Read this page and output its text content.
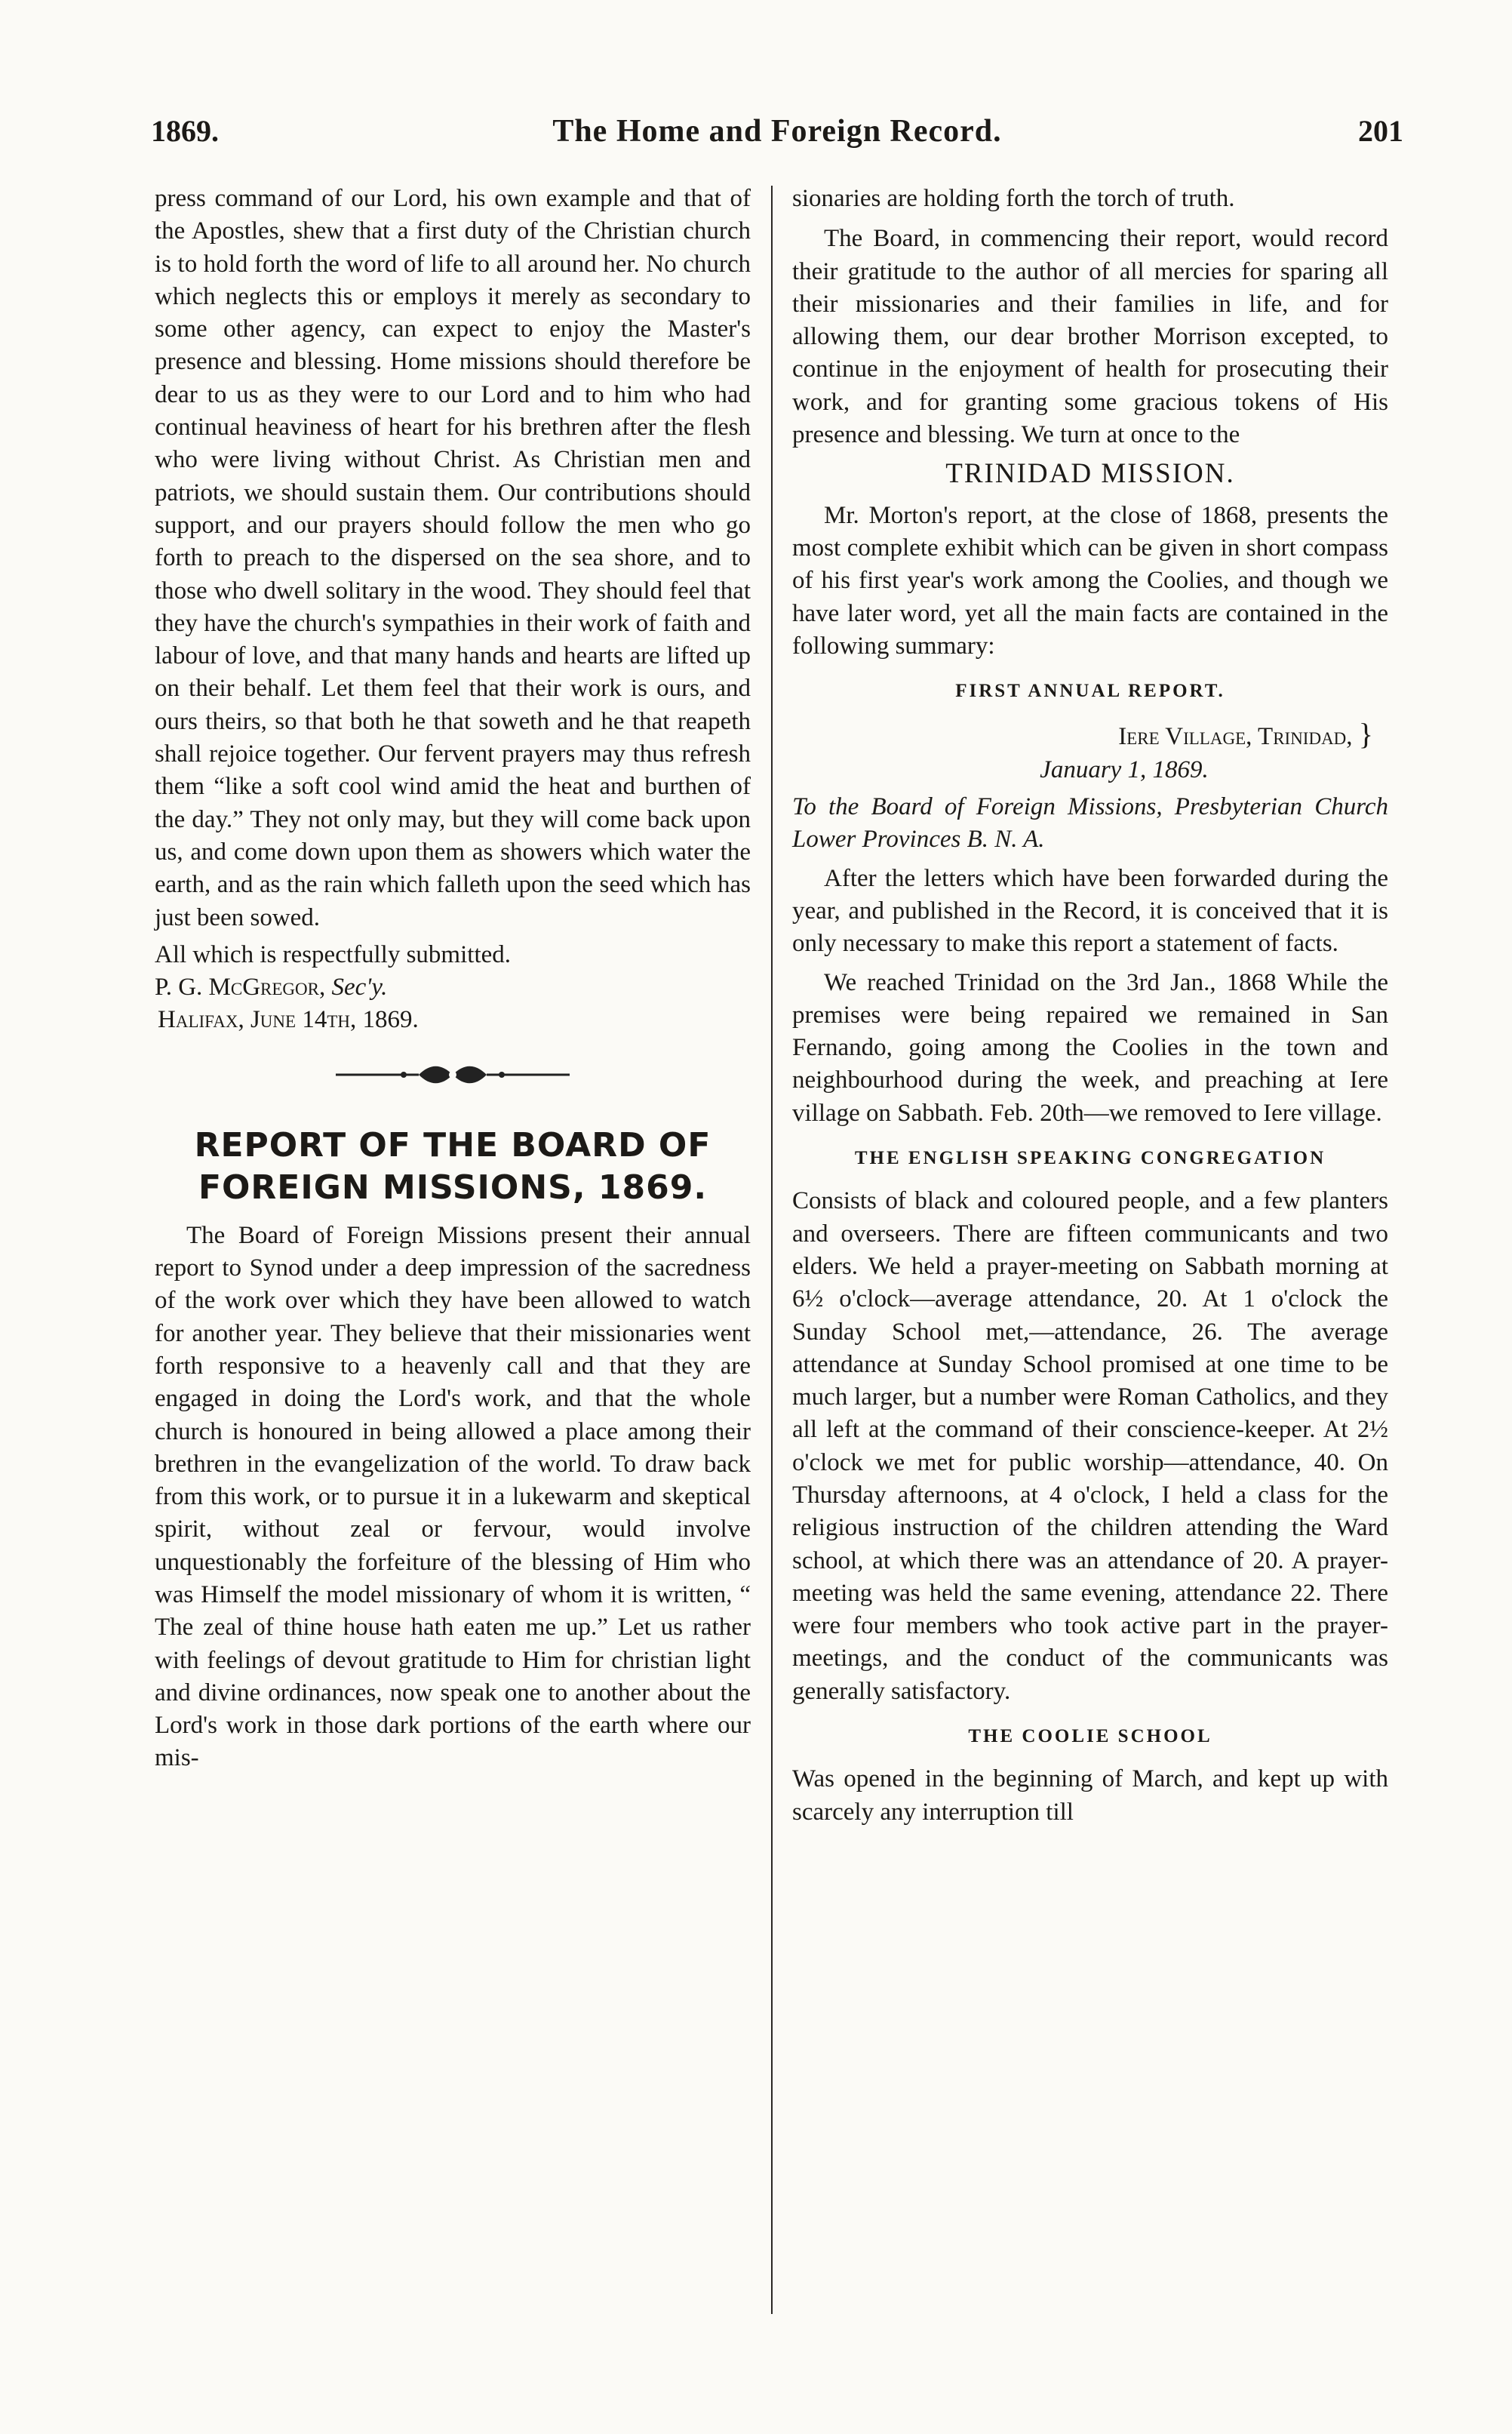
1869.	The Home and Foreign Record.	201

press command of our Lord, his own example and that of the Apostles, shew that a first duty of the Christian church is to hold forth the word of life to all around her. No church which neglects this or employs it merely as secondary to some other agency, can expect to enjoy the Master's presence and blessing. Home missions should therefore be dear to us as they were to our Lord and to him who had continual heaviness of heart for his brethren after the flesh who were living without Christ. As Christian men and patriots, we should sustain them. Our contributions should support, and our prayers should follow the men who go forth to preach to the dispersed on the sea shore, and to those who dwell solitary in the wood. They should feel that they have the church's sympathies in their work of faith and labour of love, and that many hands and hearts are lifted up on their behalf. Let them feel that their work is ours, and ours theirs, so that both he that soweth and he that reapeth shall rejoice together. Our fervent prayers may thus refresh them “like a soft cool wind amid the heat and burthen of the day.” They not only may, but they will come back upon us, and come down upon them as showers which water the earth, and as the rain which falleth upon the seed which has just been sowed.

All which is respectfully submitted.

P. G. McGregor, Sec'y.

Halifax, June 14th, 1869.

REPORT OF THE BOARD OF FOREIGN MISSIONS, 1869.

The Board of Foreign Missions present their annual report to Synod under a deep impression of the sacredness of the work over which they have been allowed to watch for another year. They believe that their missionaries went forth responsive to a heavenly call and that they are engaged in doing the Lord's work, and that the whole church is honoured in being allowed a place among their brethren in the evangelization of the world. To draw back from this work, or to pursue it in a lukewarm and skeptical spirit, without zeal or fervour, would involve unquestionably the forfeiture of the blessing of Him who was Himself the model missionary of whom it is written, “ The zeal of thine house hath eaten me up.” Let us rather with feelings of devout gratitude to Him for christian light and divine ordinances, now speak one to another about the Lord's work in those dark portions of the earth where our mis-

sionaries are holding forth the torch of truth.

The Board, in commencing their report, would record their gratitude to the author of all mercies for sparing all their missionaries and their families in life, and for allowing them, our dear brother Morrison excepted, to continue in the enjoyment of health for prosecuting their work, and for granting some gracious tokens of His presence and blessing. We turn at once to the

TRINIDAD MISSION.

Mr. Morton's report, at the close of 1868, presents the most complete exhibit which can be given in short compass of his first year's work among the Coolies, and though we have later word, yet all the main facts are contained in the following summary:

FIRST ANNUAL REPORT.
Iere Village, Trinidad, }
January 1, 1869.

To the Board of Foreign Missions, Presbyterian Church Lower Provinces B. N. A.

After the letters which have been forwarded during the year, and published in the Record, it is conceived that it is only necessary to make this report a statement of facts.

We reached Trinidad on the 3rd Jan., 1868 While the premises were being repaired we remained in San Fernando, going among the Coolies in the town and neighbourhood during the week, and preaching at Iere village on Sabbath. Feb. 20th—we removed to Iere village.

THE ENGLISH SPEAKING CONGREGATION

Consists of black and coloured people, and a few planters and overseers. There are fifteen communicants and two elders. We held a prayer-meeting on Sabbath morning at 6½ o'clock—average attendance, 20. At 1 o'clock the Sunday School met,—attendance, 26. The average attendance at Sunday School promised at one time to be much larger, but a number were Roman Catholics, and they all left at the command of their conscience-keeper. At 2½ o'clock we met for public worship—attendance, 40. On Thursday afternoons, at 4 o'clock, I held a class for the religious instruction of the children attending the Ward school, at which there was an attendance of 20. A prayer-meeting was held the same evening, attendance 22. There were four members who took active part in the prayer-meetings, and the conduct of the communicants was generally satisfactory.

THE COOLIE SCHOOL

Was opened in the beginning of March, and kept up with scarcely any interruption till
